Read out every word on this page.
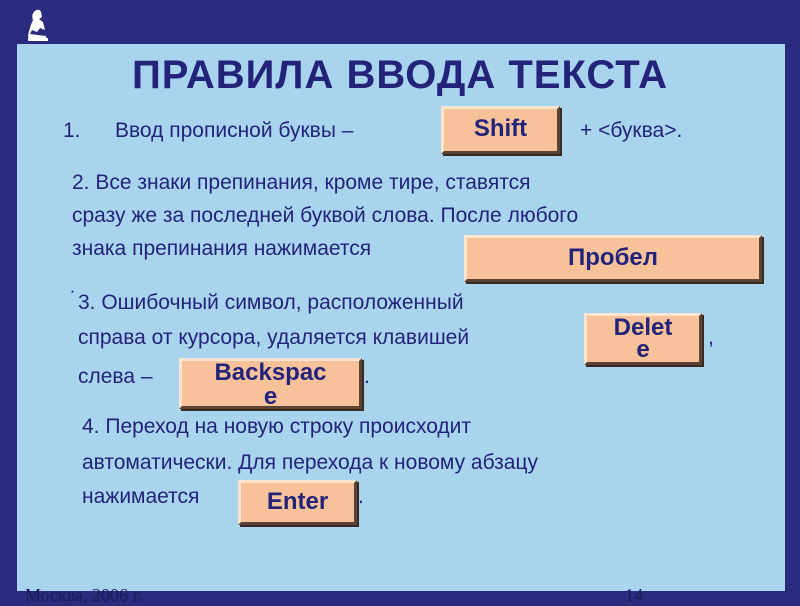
ПРАВИЛА ВВОДА ТЕКСТА
1. Ввод прописной буквы –	Shift	+ <буква>.
2. Все знаки препинания, кроме тире, ставятся
сразу же за последней буквой слова. После любого
знака препинания нажимается	Пробел
˙ 3. Ошибочный символ, расположенный
справа от курсора, удаляется клавишей	Delet
e	,
слева –	Backspac
e
.
4. Переход на новую строку происходит
автоматически. Для перехода к новому абзацу
нажимается	Enter	.
Москва, 2006 г.	14
